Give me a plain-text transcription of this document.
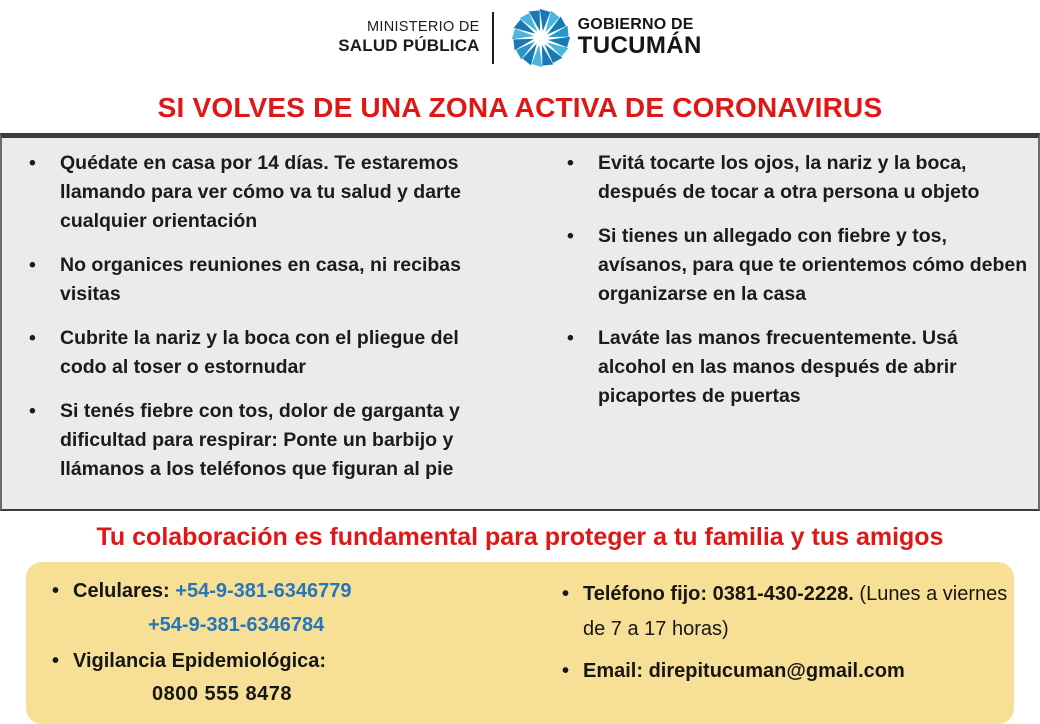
MINISTERIO DE
SALUD PÚBLICA
GOBIERNO DE
TUCUMÁN
SI VOLVES DE UNA ZONA ACTIVA DE CORONAVIRUS
• Quédate en casa por 14 días. Te estaremos llamando para ver cómo va tu salud y darte cualquier orientación
• No organices reuniones en casa, ni recibas visitas
• Cubrite la nariz y la boca con el pliegue del codo al toser o estornudar
• Si tenés fiebre con tos, dolor de garganta y dificultad para respirar: Ponte un barbijo y llámanos a los teléfonos que figuran al pie
• Evitá tocarte los ojos, la nariz y la boca, después de tocar a otra persona u objeto
• Si tienes un allegado con fiebre y tos, avísanos, para que te orientemos cómo deben organizarse en la casa
• Laváte las manos frecuentemente. Usá alcohol en las manos después de abrir picaportes de puertas

Tu colaboración es fundamental para proteger a tu familia y tus amigos

• Celulares: +54-9-381-6346779
+54-9-381-6346784
• Vigilancia Epidemiológica:
0800 555 8478
• Teléfono fijo: 0381-430-2228. (Lunes a viernes de 7 a 17 horas)
• Email: direpitucuman@gmail.com
